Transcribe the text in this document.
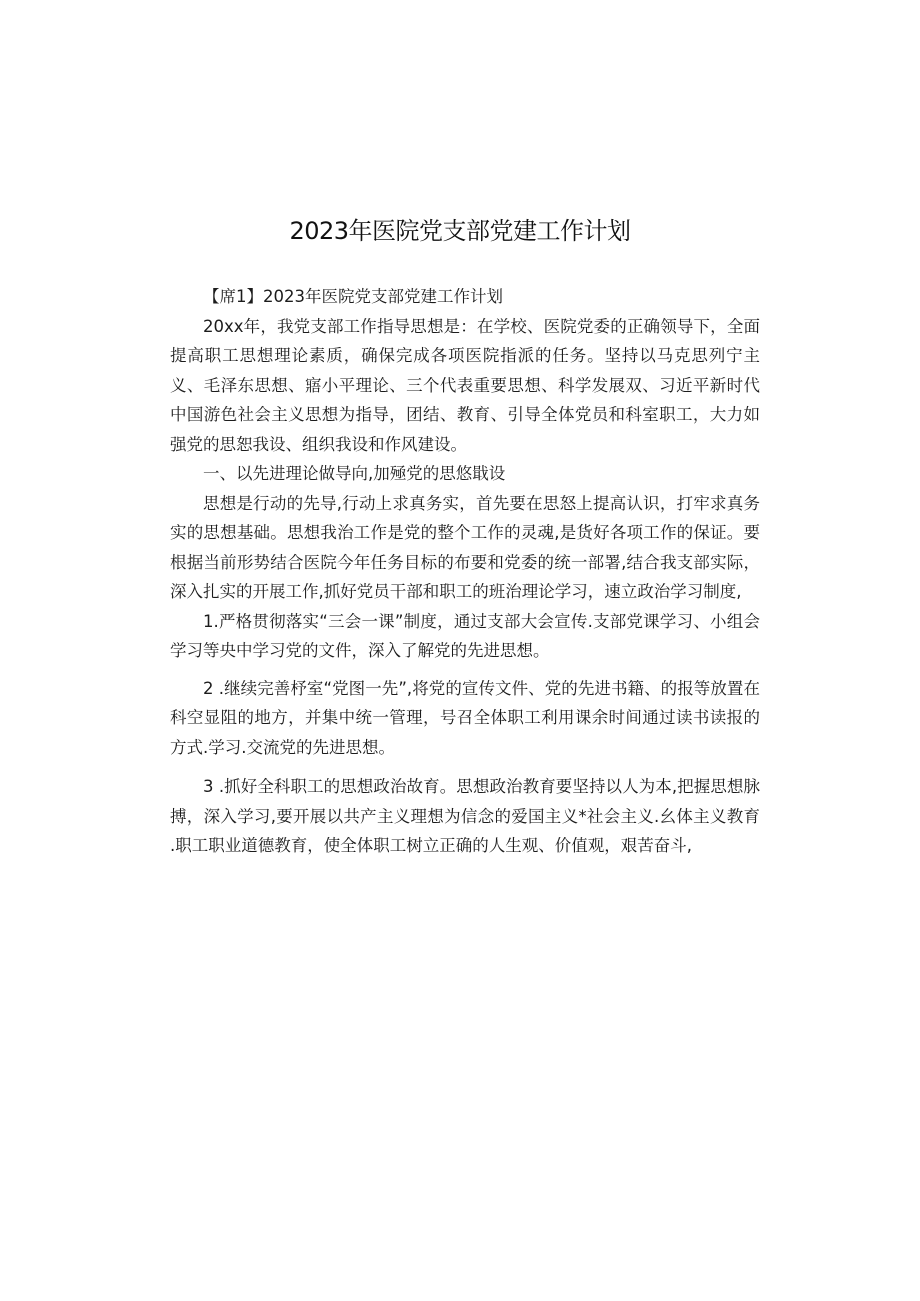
2023年医院党支部党建工作计划

【席1】2023年医院党支部党建工作计划

20xx年，我党支部工作指导思想是：在学校、医院党委的正确领导下，全面提高职工思想理论素质，确保完成各项医院指派的任务。坚持以马克思列宁主义、毛泽东思想、寤小平理论、三个代表重要思想、科学发展双、习近平新时代中国游色社会主义思想为指导，团结、教育、引导全体党员和科室职工，大力如强党的思恕我设、组织我设和作风建设。

一、以先进理论做导向,加殛党的思悠戢设

思想是行动的先导,行动上求真务实，首先要在思怒上提高认识，打牢求真务实的思想基础。思想我治工作是党的整个工作的灵魂,是货好各项工作的保证。要根据当前形势结合医院今年任务目标的布要和党委的统一部署,结合我支部实际，深入扎实的开展工作,抓好党员干部和职工的班治理论学习，速立政治学习制度,

1.严格贯彻落实“三会一课”制度，通过支部大会宣传.支部党课学习、小组会学习等央中学习党的文件，深入了解党的先进思想。

2 .继续完善杼室“党图一先”,将党的宣传文件、党的先进书籍、的报等放置在科空显阻的地方，并集中统一管理，号召全体职工利用课余时间通过读书读报的方式.学习.交流党的先进思想。

3 .抓好全科职工的思想政治故育。思想政治教育要坚持以人为本,把握思想脉搏，深入学习,要开展以共产主义理想为信念的爱国主义*社会主义.幺体主义教育 .职工职业道德教育，使全体职工树立正确的人生观、价值观，艰苦奋斗,
